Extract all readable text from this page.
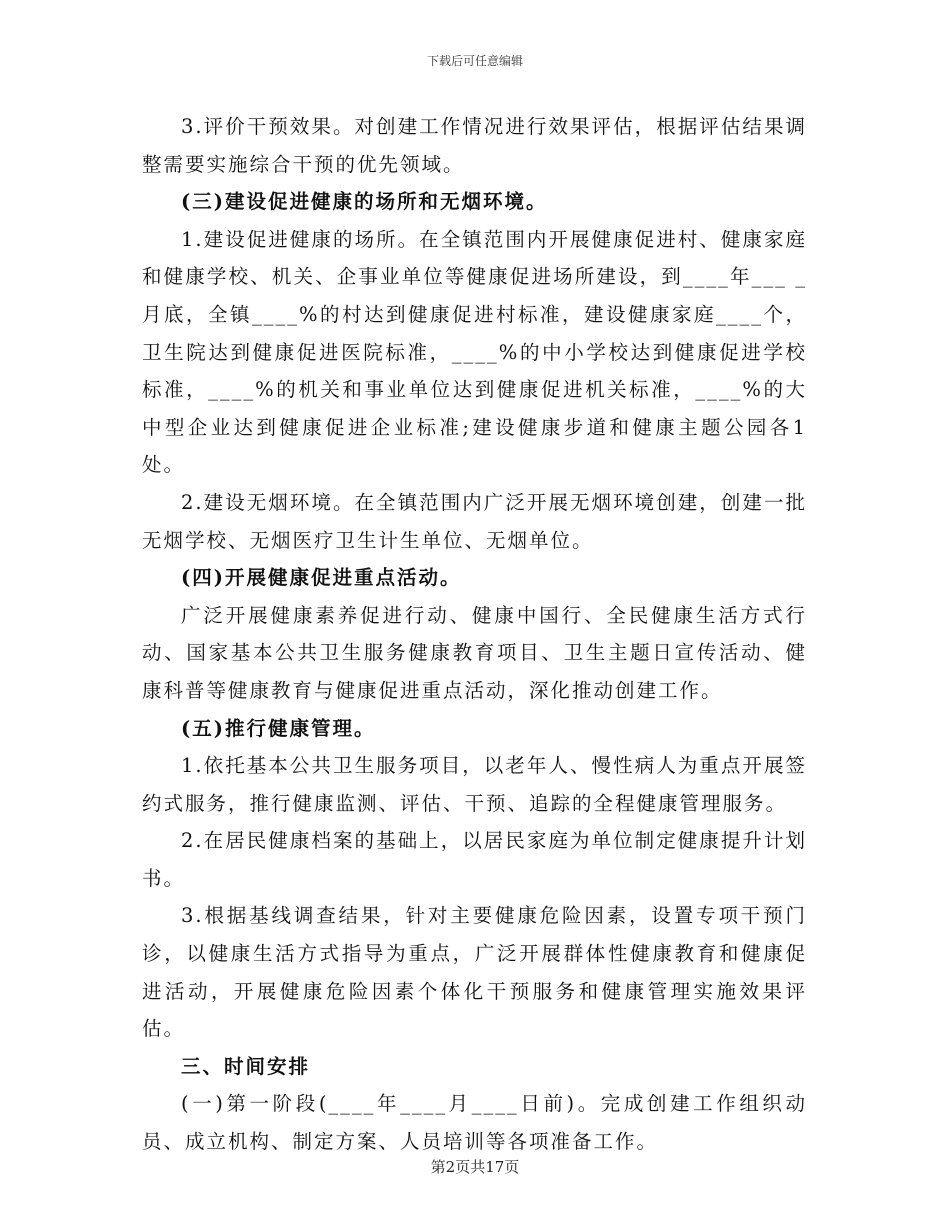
下载后可任意编辑

3.评价干预效果。对创建工作情况进行效果评估，根据评估结果调整需要实施综合干预的优先领域。

(三)建设促进健康的场所和无烟环境。

1.建设促进健康的场所。在全镇范围内开展健康促进村、健康家庭和健康学校、机关、企事业单位等健康促进场所建设，到____年___ _月底，全镇____%的村达到健康促进村标准，建设健康家庭____个，卫生院达到健康促进医院标准，____%的中小学校达到健康促进学校标准，____%的机关和事业单位达到健康促进机关标准，____%的大中型企业达到健康促进企业标准;建设健康步道和健康主题公园各1处。

2.建设无烟环境。在全镇范围内广泛开展无烟环境创建，创建一批无烟学校、无烟医疗卫生计生单位、无烟单位。

(四)开展健康促进重点活动。

广泛开展健康素养促进行动、健康中国行、全民健康生活方式行动、国家基本公共卫生服务健康教育项目、卫生主题日宣传活动、健康科普等健康教育与健康促进重点活动，深化推动创建工作。

(五)推行健康管理。

1.依托基本公共卫生服务项目，以老年人、慢性病人为重点开展签约式服务，推行健康监测、评估、干预、追踪的全程健康管理服务。

2.在居民健康档案的基础上，以居民家庭为单位制定健康提升计划书。

3.根据基线调查结果，针对主要健康危险因素，设置专项干预门诊，以健康生活方式指导为重点，广泛开展群体性健康教育和健康促进活动，开展健康危险因素个体化干预服务和健康管理实施效果评估。

三、时间安排

(一)第一阶段(____年____月____日前)。完成创建工作组织动员、成立机构、制定方案、人员培训等各项准备工作。

第2页共17页
